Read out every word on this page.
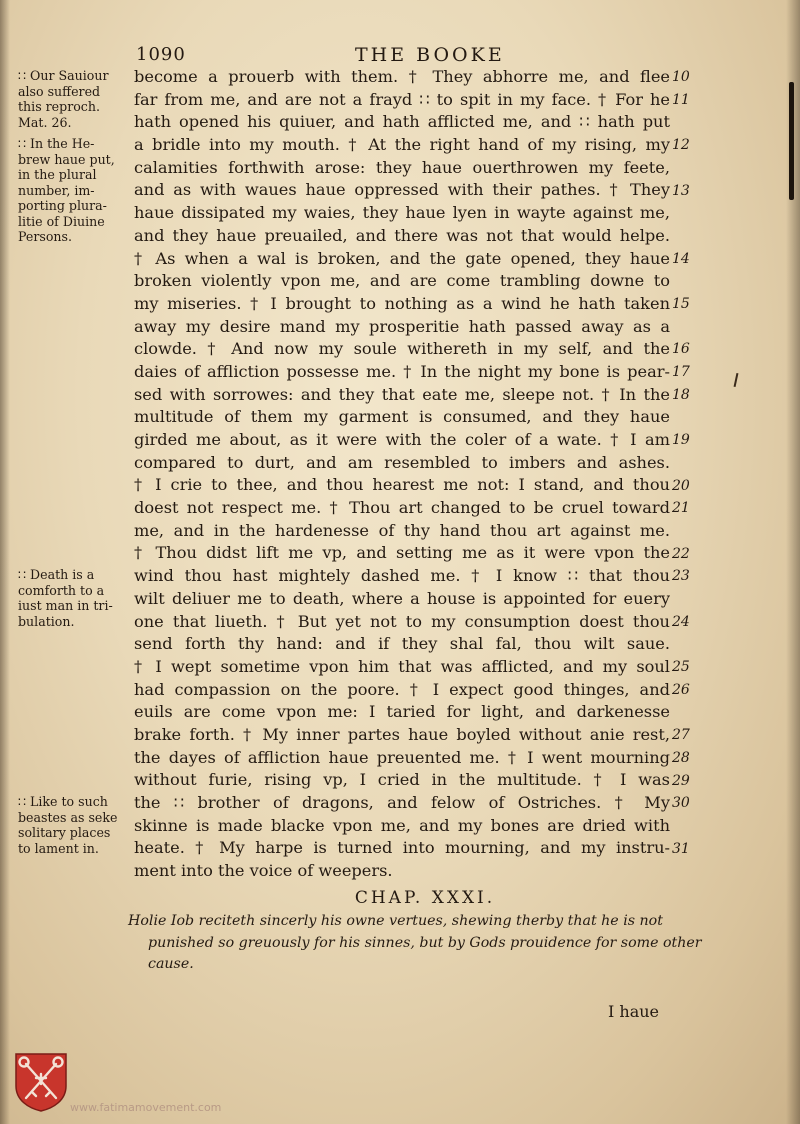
1090	THE BOOKE
become a prouerb with them. † They abhorre me, and flee
far from me, and are not a frayd ∷ to spit in my face. † For he
hath opened his quiuer, and hath afflicted me, and ∷ hath put
a bridle into my mouth. † At the right hand of my rising, my
calamities forthwith arose: they haue ouerthrowen my feete,
and as with waues haue oppressed with their pathes. † They
haue dissipated my waies, they haue lyen in wayte against me,
and they haue preuailed, and there was not that would helpe.
† As when a wal is broken, and the gate opened, they haue
broken violently vpon me, and are come trambling downe to
my miseries. † I brought to nothing as a wind he hath taken
away my desire mand my prosperitie hath passed away as a
clowde. † And now my soule withereth in my self, and the
daies of affliction possesse me. † In the night my bone is pear-
sed with sorrowes: and they that eate me, sleepe not. † In the
multitude of them my garment is consumed, and they haue
girded me about, as it were with the coler of a wate. † I am
compared to durt, and am resembled to imbers and ashes.
† I crie to thee, and thou hearest me not: I stand, and thou
doest not respect me. † Thou art changed to be cruel toward
me, and in the hardenesse of thy hand thou art against me.
† Thou didst lift me vp, and setting me as it were vpon the
wind thou hast mightely dashed me. † I know ∷ that thou
wilt deliuer me to death, where a house is appointed for euery
one that liueth. † But yet not to my consumption doest thou
send forth thy hand: and if they shal fal, thou wilt saue.
† I wept sometime vpon him that was afflicted, and my soul
had compassion on the poore. † I expect good thinges, and
euils are come vpon me: I taried for light, and darkenesse
brake forth. † My inner partes haue boyled without anie rest,
the dayes of affliction haue preuented me. † I went mourning
without furie, rising vp, I cried in the multitude. † I was
the ∷ brother of dragons, and felow of Ostriches. † My
skinne is made blacke vpon me, and my bones are dried with
heate. † My harpe is turned into mourning, and my instru-
ment into the voice of weepers.
10
11
12
13
14
15
16
17
18
19
20
21
22
23
24
25
26
27
28
29
30
31
∷ Our Sauiour
also suffered
this reproch.
Mat. 26.
∷ In the He-
brew haue put,
in the plural
number, im-
porting plura-
litie of Diuine
Persons.
∷ Death is a
comforth to a
iust man in tri-
bulation.
∷ Like to such
beastes as seke
solitary places
to lament in.
CHAP. XXXI.
Holie Iob reciteth sincerly his owne vertues, shewing therby that he is not
punished so greuously for his sinnes, but by Gods prouidence for some other
cause.
I haue
www.fatimamovement.com
